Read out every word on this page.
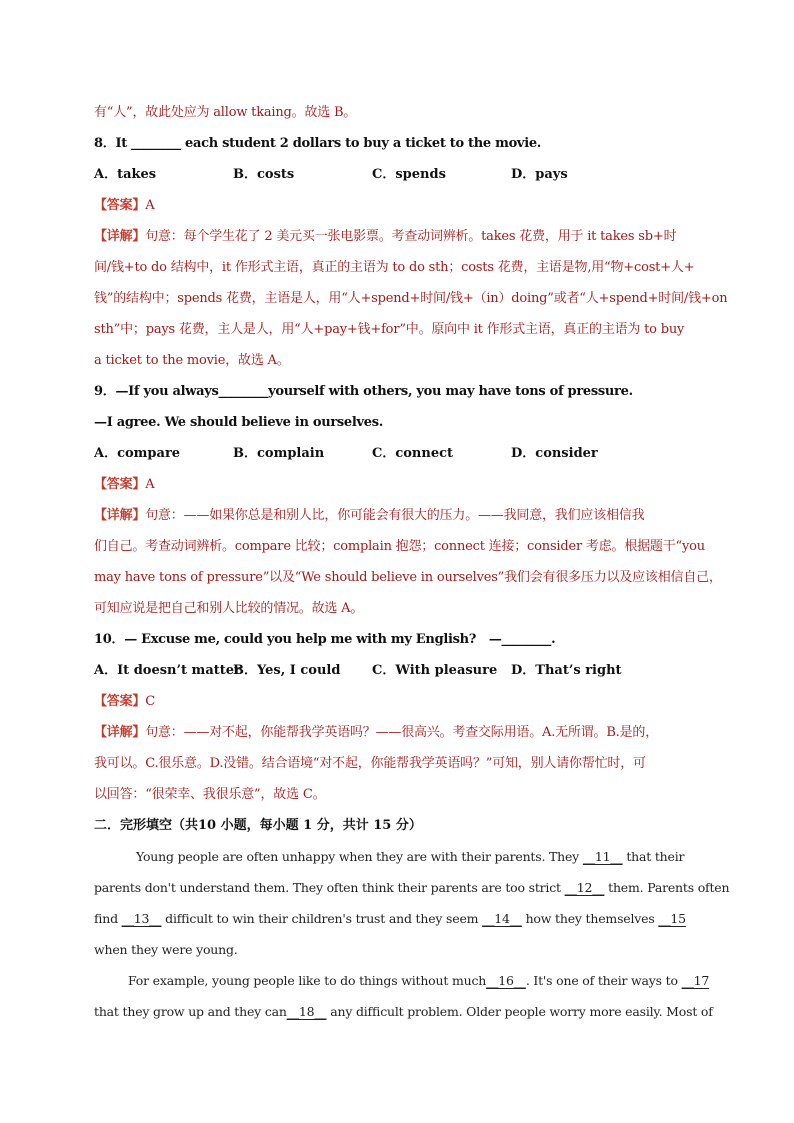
有“人”，故此处应为 allow tkaing。故选 B。
8．It ________ each student 2 dollars to buy a ticket to the movie.
A．takes	B．costs	C．spends	D．pays
【答案】A
【详解】句意：每个学生花了 2 美元买一张电影票。考查动词辨析。takes 花费，用于 it takes sb+时
间/钱+to do 结构中，it 作形式主语，真正的主语为 to do sth；costs 花费，主语是物,用“物+cost+人+
钱”的结构中；spends 花费，主语是人，用“人+spend+时间/钱+（in）doing”或者“人+spend+时间/钱+on
sth”中；pays 花费，主人是人，用“人+pay+钱+for”中。原向中 it 作形式主语，真正的主语为 to buy
a ticket to the movie，故选 A。
9．—If you always________yourself with others, you may have tons of pressure.
—I agree. We should believe in ourselves.
A．compare	B．complain	C．connect	D．consider
【答案】A
【详解】句意：——如果你总是和别人比，你可能会有很大的压力。——我同意，我们应该相信我
们自己。考查动词辨析。compare 比较；complain 抱怨；connect 连接；consider 考虑。根据题干“you
may have tons of pressure”以及“We should believe in ourselves”我们会有很多压力以及应该相信自己，
可知应说是把自己和别人比较的情况。故选 A。
10．— Excuse me, could you help me with my English?　—________.
A．It doesn’t matter
B．Yes, I could	C．With pleasure	D．That’s right
【答案】C
【详解】句意：——对不起，你能帮我学英语吗？——很高兴。考查交际用语。A.无所谓。B.是的，
我可以。C.很乐意。D.没错。结合语境“对不起，你能帮我学英语吗？”可知，别人请你帮忙时，可
以回答：“很荣幸、我很乐意”，故选 C。
二．完形填空（共10 小题，每小题 1 分，共计 15 分）
Young people are often unhappy when they are with their parents. They __11__ that their
parents don't understand them. They often think their parents are too strict __12__ them. Parents often
find __13__ difficult to win their children's trust and they seem __14__ how they themselves __15
when they were young.
For example, young people like to do things without much__16__. It's one of their ways to __17
that they grow up and they can__18__ any difficult problem. Older people worry more easily. Most of
